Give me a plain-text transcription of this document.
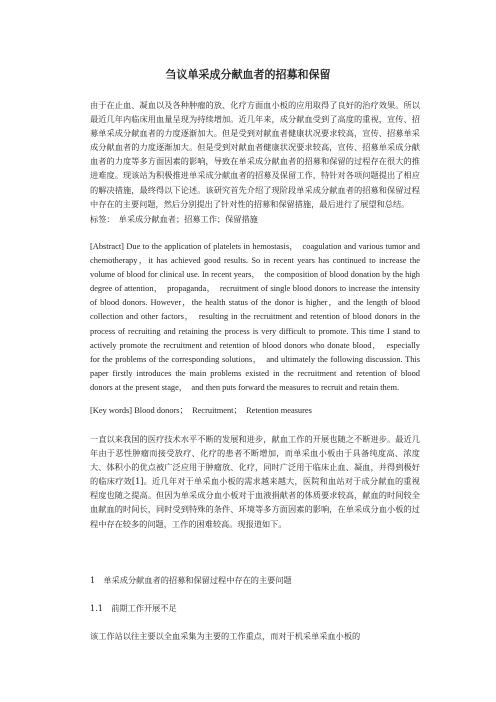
刍议单采成分献血者的招募和保留

由于在止血、凝血以及各种肿瘤的放、化疗方面血小板的应用取得了良好的治疗效果。所以最近几年内临床用血量呈现为持续增加。近几年来，成分献血受到了高度的重视，宣传、招募单采成分献血者的力度逐渐加大。但是受到对献血者健康状况要求较高，宣传、招募单采成分献血者的力度逐渐加大。但是受到对献血者健康状况要求较高，宣传、招募单采成分献血者的力度等多方面因素的影响，导致在单采成分献血者的招募和保留的过程存在很大的推进难度。现该站为积极推进单采成分献血者的招募及保留工作，特针对各项问题提出了相应的解决措施，最终得以下论述。该研究首先介绍了现阶段单采成分献血者的招募和保留过程中存在的主要问题，然后分别提出了针对性的招募和保留措施，最后进行了展望和总结。

标签：　单采成分献血者；招募工作；保留措施

[Abstract] Due to the application of platelets in hemostasis，　coagulation and various tumor and chemotherapy，it has achieved good results. So in recent years has continued to increase the volume of blood for clinical use. In recent years，　the composition of blood donation by the high degree of attention，　propaganda，　recruitment of single blood donors to increase the intensity of blood donors. However，the health status of the donor is higher，and the length of blood collection and other factors，　resulting in the recruitment and retention of blood donors in the process of recruiting and retaining the process is very difficult to promote. This time I stand to actively promote the recruitment and retention of blood donors who donate blood，　especially for the problems of the corresponding solutions，　and ultimately the following discussion. This paper firstly introduces the main problems existed in the recruitment and retention of blood donors at the present stage，　and then puts forward the measures to recruit and retain them.

[Key words] Blood donors；　Recruitment；　Retention measures

一直以来我国的医疗技术水平不断的发展和进步，献血工作的开展也随之不断进步。最近几年由于恶性肿瘤而接受放疗、化疗的患者不断增加，而单采血小板由于具备纯度高、浓度大、体积小的优点被广泛应用于肿瘤放、化疗，同时广泛用于临床止血、凝血，并得到极好的临床疗效[1]。近几年对于单采血小板的需求越来越大，医院和血站对于成分献血的重视程度也随之提高。但因为单采成分血小板对于血液捐献者的体质要求较高，献血的时间较全血献血的时间长，同时受到特殊的条件、环境等多方面因素的影响，在单采成分血小板的过程中存在较多的问题，工作的困难较高。现报道如下。

1　单采成分献血者的招募和保留过程中存在的主要问题

1.1　前期工作开展不足

该工作站以往主要以全血采集为主要的工作重点，而对于机采单采血小板的
